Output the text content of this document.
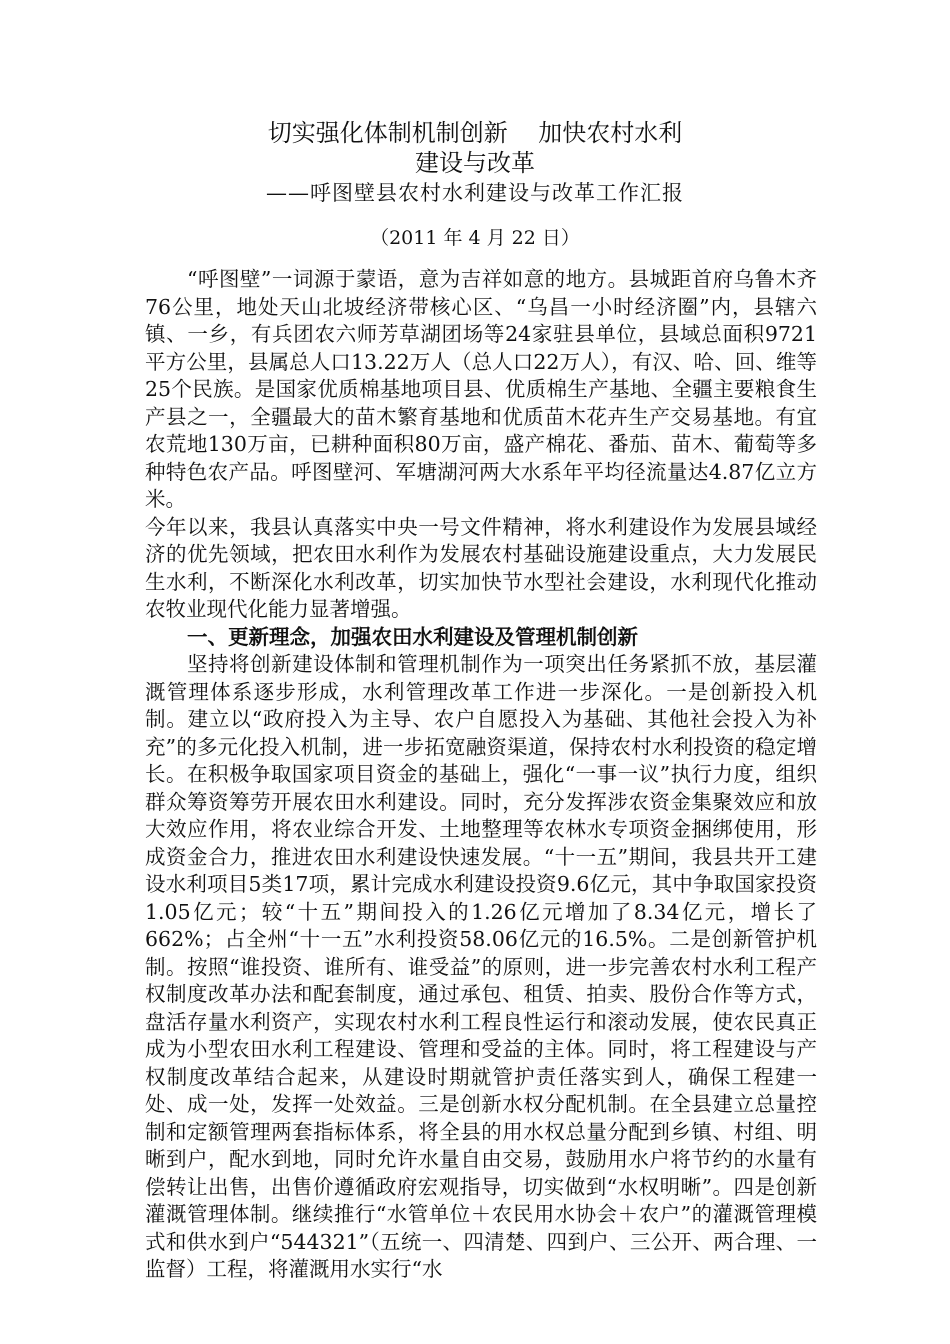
切实强化体制机制创新    加快农村水利
建设与改革
——呼图壁县农村水利建设与改革工作汇报
（2011 年 4 月 22 日）

“呼图壁”一词源于蒙语，意为吉祥如意的地方。县城距首府乌鲁木齐76公里，地处天山北坡经济带核心区、“乌昌一小时经济圈”内，县辖六镇、一乡，有兵团农六师芳草湖团场等24家驻县单位，县域总面积9721平方公里，县属总人口13.22万人（总人口22万人），有汉、哈、回、维等25个民族。是国家优质棉基地项目县、优质棉生产基地、全疆主要粮食生产县之一，全疆最大的苗木繁育基地和优质苗木花卉生产交易基地。有宜农荒地130万亩，已耕种面积80万亩，盛产棉花、番茄、苗木、葡萄等多种特色农产品。呼图壁河、军塘湖河两大水系年平均径流量达4.87亿立方米。

今年以来，我县认真落实中央一号文件精神，将水利建设作为发展县域经济的优先领域，把农田水利作为发展农村基础设施建设重点，大力发展民生水利，不断深化水利改革，切实加快节水型社会建设，水利现代化推动农牧业现代化能力显著增强。

一、更新理念，加强农田水利建设及管理机制创新

坚持将创新建设体制和管理机制作为一项突出任务紧抓不放，基层灌溉管理体系逐步形成，水利管理改革工作进一步深化。一是创新投入机制。建立以“政府投入为主导、农户自愿投入为基础、其他社会投入为补充”的多元化投入机制，进一步拓宽融资渠道，保持农村水利投资的稳定增长。在积极争取国家项目资金的基础上，强化“一事一议”执行力度，组织群众筹资筹劳开展农田水利建设。同时，充分发挥涉农资金集聚效应和放大效应作用，将农业综合开发、土地整理等农林水专项资金捆绑使用，形成资金合力，推进农田水利建设快速发展。“十一五”期间，我县共开工建设水利项目5类17项，累计完成水利建设投资9.6亿元，其中争取国家投资1.05亿元；较“十五”期间投入的1.26亿元增加了8.34亿元，增长了662%；占全州“十一五”水利投资58.06亿元的16.5%。二是创新管护机制。按照“谁投资、谁所有、谁受益”的原则，进一步完善农村水利工程产权制度改革办法和配套制度，通过承包、租赁、拍卖、股份合作等方式，盘活存量水利资产，实现农村水利工程良性运行和滚动发展，使农民真正成为小型农田水利工程建设、管理和受益的主体。同时，将工程建设与产权制度改革结合起来，从建设时期就管护责任落实到人，确保工程建一处、成一处，发挥一处效益。三是创新水权分配机制。在全县建立总量控制和定额管理两套指标体系，将全县的用水权总量分配到乡镇、村组、明晰到户，配水到地，同时允许水量自由交易，鼓励用水户将节约的水量有偿转让出售，出售价遵循政府宏观指导，切实做到“水权明晰”。四是创新灌溉管理体制。继续推行“水管单位＋农民用水协会＋农户”的灌溉管理模式和供水到户“544321”（五统一、四清楚、四到户、三公开、两合理、一监督）工程，将灌溉用水实行“水
